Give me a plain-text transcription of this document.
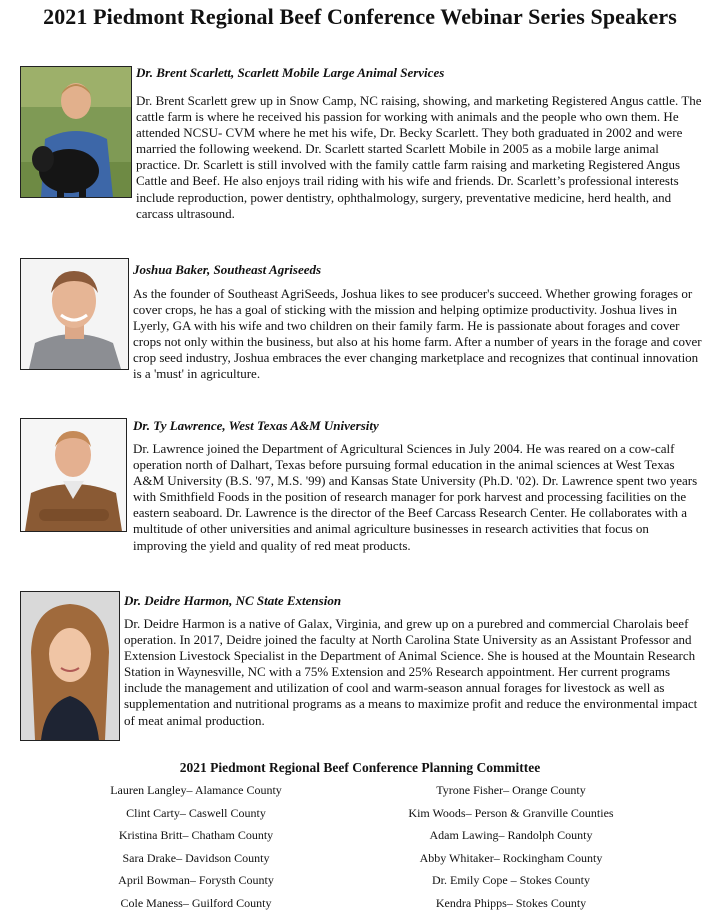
2021 Piedmont Regional Beef Conference Webinar Series Speakers
Dr. Brent Scarlett, Scarlett Mobile Large Animal Services
Dr. Brent Scarlett grew up in Snow Camp, NC raising, showing, and marketing Registered Angus cattle. The cattle farm is where he received his passion for working with animals and the people who own them. He attended NCSU- CVM where he met his wife, Dr. Becky Scarlett. They both graduated in 2002 and were married the following weekend. Dr. Scarlett started Scarlett Mobile in 2005 as a mobile large animal practice. Dr. Scarlett is still involved with the family cattle farm raising and marketing Registered Angus Cattle and Beef. He also enjoys trail riding with his wife and friends. Dr. Scarlett’s professional interests include reproduction, power dentistry, ophthalmology, surgery, preventative medicine, herd health, and carcass ultrasound.
Joshua Baker, Southeast Agriseeds
As the founder of Southeast AgriSeeds, Joshua likes to see producer's succeed. Whether growing forages or cover crops, he has a goal of sticking with the mission and helping optimize productivity. Joshua lives in Lyerly, GA with his wife and two children on their family farm. He is passionate about forages and cover crops not only within the business, but also at his home farm. After a number of years in the forage and cover crop seed industry, Joshua embraces the ever changing marketplace and recognizes that continual innovation is a 'must' in agriculture.
Dr. Ty Lawrence, West Texas A&M University
Dr. Lawrence joined the Department of Agricultural Sciences in July 2004. He was reared on a cow-calf operation north of Dalhart, Texas before pursuing formal education in the animal sciences at West Texas A&M University (B.S. '97, M.S. '99) and Kansas State University (Ph.D. '02). Dr. Lawrence spent two years with Smithfield Foods in the position of research manager for pork harvest and processing facilities on the eastern seaboard. Dr. Lawrence is the director of the Beef Carcass Research Center. He collaborates with a multitude of other universities and animal agriculture businesses in research activities that focus on improving the yield and quality of red meat products.
Dr. Deidre Harmon, NC State Extension
Dr. Deidre Harmon is a native of Galax, Virginia, and grew up on a purebred and commercial Charolais beef operation. In 2017, Deidre joined the faculty at North Carolina State University as an Assistant Professor and Extension Livestock Specialist in the Department of Animal Science. She is housed at the Mountain Research Station in Waynesville, NC with a 75% Extension and 25% Research appointment. Her current programs include the management and utilization of cool and warm-season annual forages for livestock as well as supplementation and nutritional programs as a means to maximize profit and reduce the environmental impact of meat animal production.
2021 Piedmont Regional Beef Conference Planning Committee
Lauren Langley– Alamance County
Clint Carty– Caswell County
Kristina Britt– Chatham County
Sara Drake– Davidson County
April Bowman– Forysth County
Cole Maness– Guilford County
Tyrone Fisher– Orange County
Kim Woods– Person & Granville Counties
Adam Lawing– Randolph County
Abby Whitaker– Rockingham County
Dr. Emily Cope – Stokes County
Kendra Phipps– Stokes County
